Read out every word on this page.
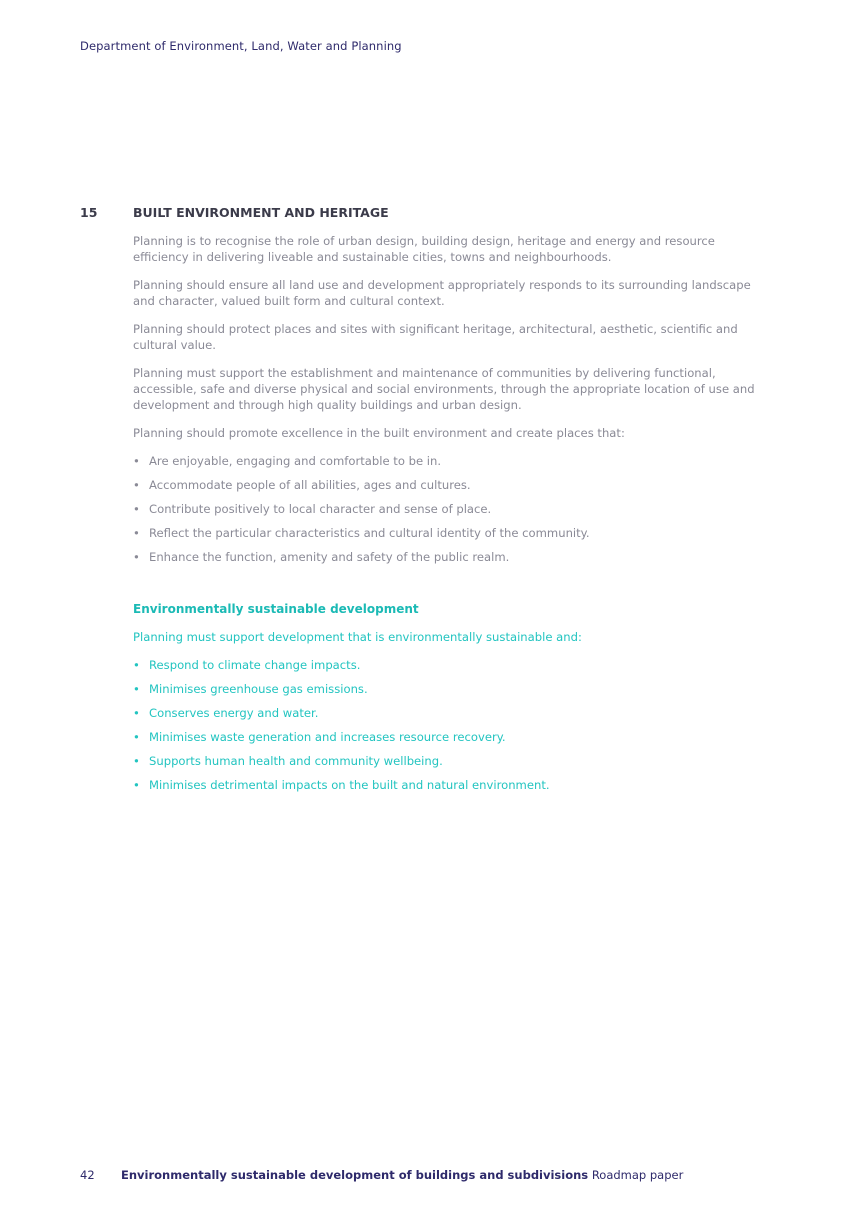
Department of Environment, Land, Water and Planning
15	BUILT ENVIRONMENT AND HERITAGE

Planning is to recognise the role of urban design, building design, heritage and energy and resource efficiency in delivering liveable and sustainable cities, towns and neighbourhoods.

Planning should ensure all land use and development appropriately responds to its surrounding landscape and character, valued built form and cultural context.

Planning should protect places and sites with significant heritage, architectural, aesthetic, scientific and cultural value.

Planning must support the establishment and maintenance of communities by delivering functional, accessible, safe and diverse physical and social environments, through the appropriate location of use and development and through high quality buildings and urban design.

Planning should promote excellence in the built environment and create places that:

• Are enjoyable, engaging and comfortable to be in.
• Accommodate people of all abilities, ages and cultures.
• Contribute positively to local character and sense of place.
• Reflect the particular characteristics and cultural identity of the community.
• Enhance the function, amenity and safety of the public realm.
Environmentally sustainable development

Planning must support development that is environmentally sustainable and:

• Respond to climate change impacts.
• Minimises greenhouse gas emissions.
• Conserves energy and water.
• Minimises waste generation and increases resource recovery.
• Supports human health and community wellbeing.
• Minimises detrimental impacts on the built and natural environment.
42 Environmentally sustainable development of buildings and subdivisions Roadmap paper
